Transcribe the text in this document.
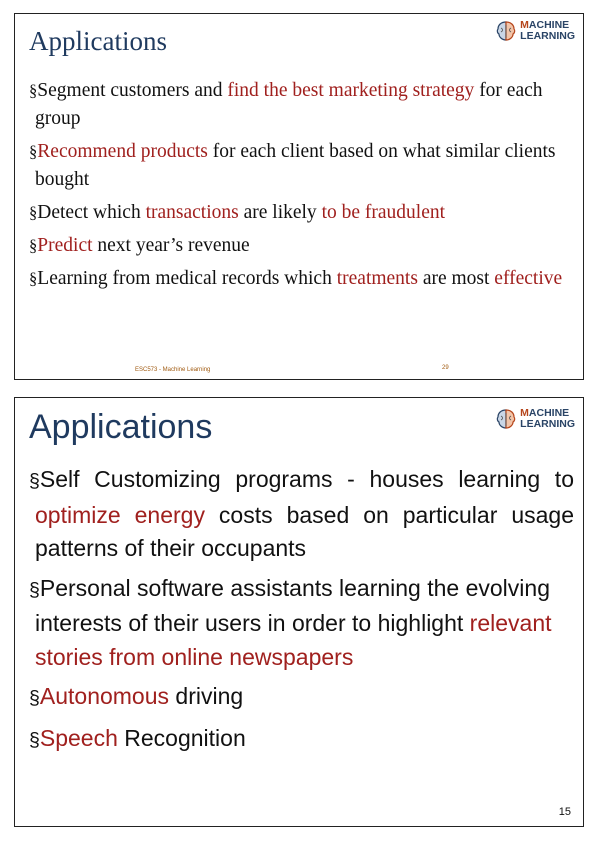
Applications
MACHINE
LEARNING
§Segment customers and find the best marketing strategy for each group
§Recommend products for each client based on what similar clients bought
§Detect which transactions are likely to be fraudulent
§Predict next year’s revenue
§Learning from medical records which treatments are most effective
ESC573 - Machine Learning	29
Applications	MACHINE
LEARNING
§Self Customizing programs - houses learning to optimize energy costs based on particular usage patterns of their occupants
§Personal software assistants learning the evolving interests of their users in order to highlight relevant stories from online newspapers
§Autonomous driving
§Speech Recognition
15
